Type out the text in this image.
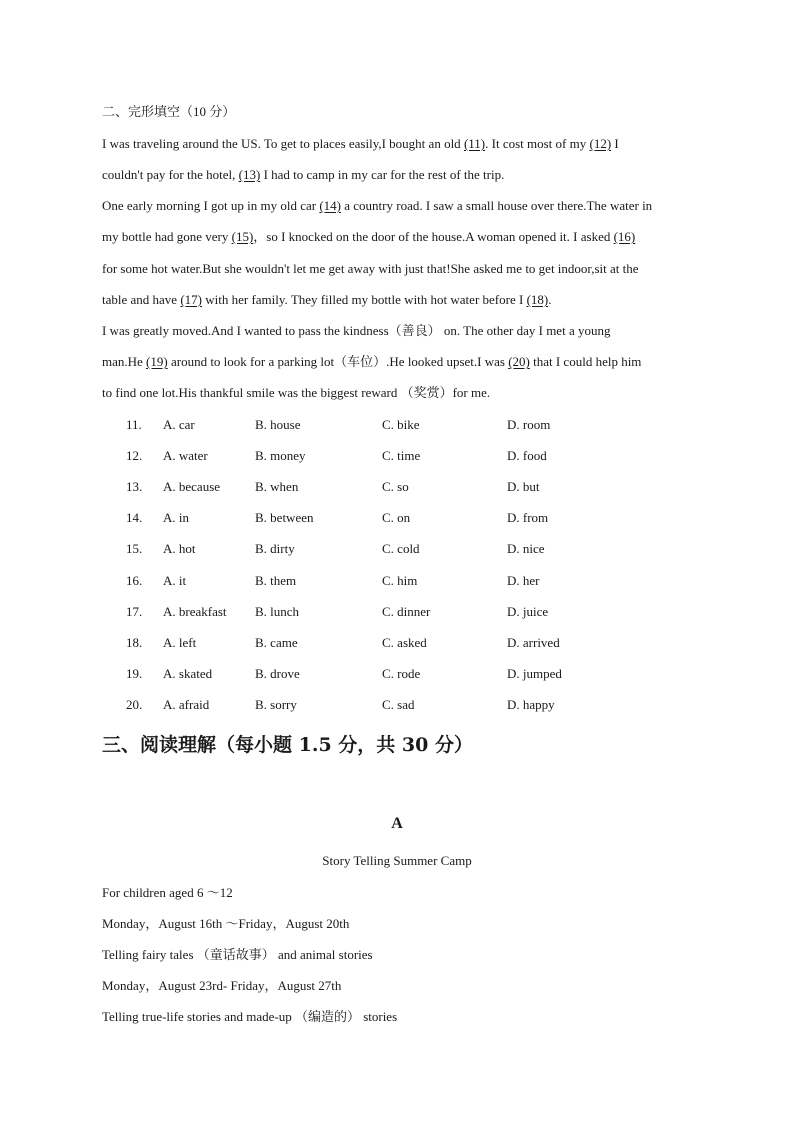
二、完形填空（10 分）
I was traveling around the US. To get to places easily,I bought an old (11). It cost most of my (12) I
couldn't pay for the hotel, (13) I had to camp in my car for the rest of the trip.
One early morning I got up in my old car (14) a country road. I saw a small house over there.The water in
my bottle had gone very (15)，so I knocked on the door of the house.A woman opened it. I asked (16)
for some hot water.But she wouldn't let me get away with just that!She asked me to get indoor,sit at the
table and have (17) with her family. They filled my bottle with hot water before I (18).
I was greatly moved.And I wanted to pass the kindness（善良） on. The other day I met a young
man.He (19) around to look for a parking lot（车位）.He looked upset.I was (20) that I could help him
to find one lot.His thankful smile was the biggest reward （奖赏）for me.
11. A. car	B. house	C. bike	D. room
12. A. water	B. money	C. time	D. food
13. A. because	B. when	C. so	D. but
14. A. in	B. between	C. on	D. from
15. A. hot	B. dirty	C. cold	D. nice
16. A. it	B. them	C. him	D. her
17. A. breakfast B. lunch	C. dinner	D. juice
18. A. left	B. came	C. asked	D. arrived
19. A. skated	B. drove	C. rode	D. jumped
20. A. afraid	B. sorry	C. sad	D. happy
三、阅读理解（每小题 1.5 分，共 30 分）
A
Story Telling Summer Camp
For children aged 6 ～12
Monday，August 16th ～Friday，August 20th
Telling fairy tales （童话故事） and animal stories
Monday，August 23rd- Friday，August 27th
Telling true-life stories and made-up （编造的） stories
